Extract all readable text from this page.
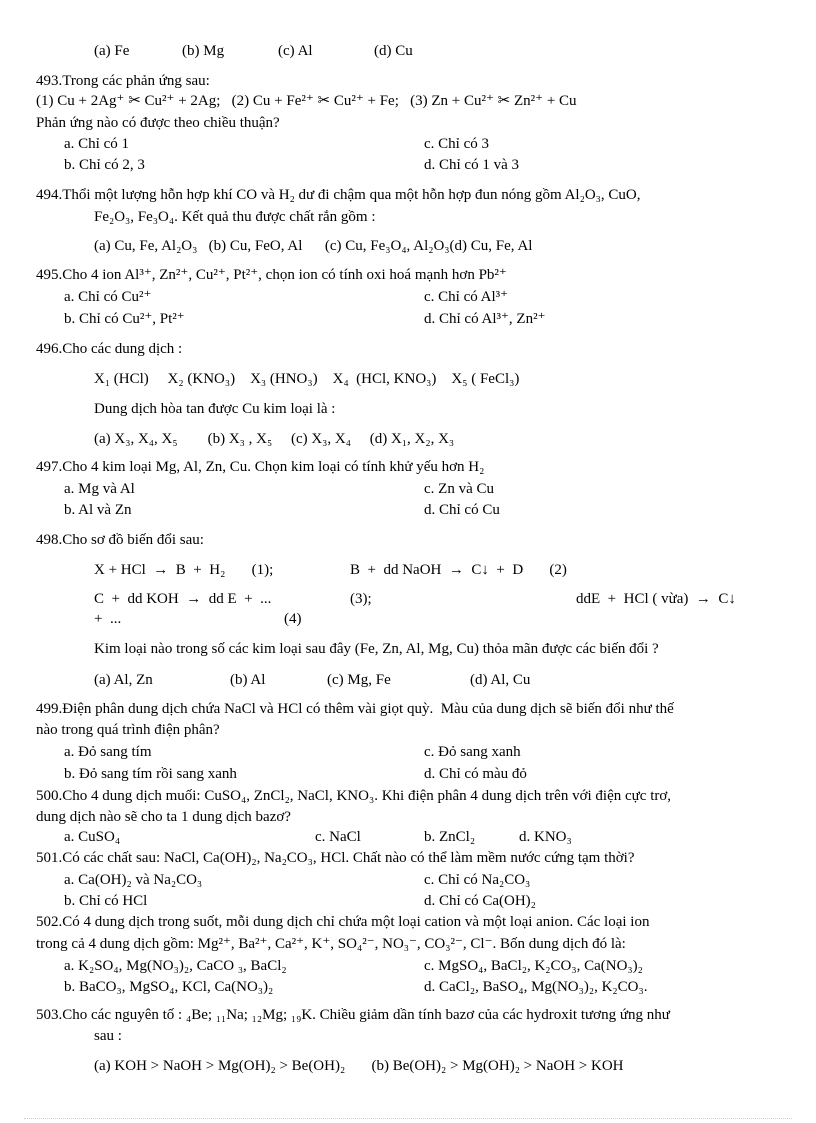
(a) Fe	(b) Mg	(c) Al	(d) Cu
493.Trong các phản ứng sau:
(1) Cu + 2Ag⁺ ✂ Cu²⁺ + 2Ag;   (2) Cu + Fe²⁺ ✂ Cu²⁺ + Fe;   (3) Zn + Cu²⁺ ✂ Zn²⁺ + Cu
Phản ứng nào có được theo chiều thuận?
a. Chỉ có 1	c. Chỉ có 3
b. Chỉ có 2, 3	d. Chỉ có 1 và 3
494.Thổi một lượng hỗn hợp khí CO và H₂ dư đi chậm qua một hỗn hợp đun nóng gồm Al₂O₃, CuO,
Fe₂O₃, Fe₃O₄. Kết quả thu được chất rắn gồm :
(a) Cu, Fe, Al₂O₃   (b) Cu, FeO, Al      (c) Cu, Fe₃O₄, Al₂O₃(d) Cu, Fe, Al
495.Cho 4 ion Al³⁺, Zn²⁺, Cu²⁺, Pt²⁺, chọn ion có tính oxi hoá mạnh hơn Pb²⁺
a. Chỉ có Cu²⁺	c. Chỉ có Al³⁺
b. Chỉ có Cu²⁺, Pt²⁺	d. Chỉ có Al³⁺, Zn²⁺
496.Cho các dung dịch :
X₁ (HCl)     X₂ (KNO₃)    X₃ (HNO₃)    X₄  (HCl, KNO₃)    X₅ ( FeCl₃)
Dung dịch hòa tan được Cu kim loại là :
(a) X₃, X₄, X₅        (b) X₃ , X₅     (c) X₃, X₄     (d) X₁, X₂, X₃
497.Cho 4 kim loại Mg, Al, Zn, Cu. Chọn kim loại có tính khử yếu hơn H₂
a. Mg và Al	c. Zn và Cu
b. Al và Zn	d. Chỉ có Cu
498.Cho sơ đồ biến đổi sau:
X + HCl  →  B  +  H₂       (1);	B  +  dd NaOH  →  C↓  +  D       (2)
C  +  dd KOH  →  dd E  +  ...	(3);	ddE  +  HCl ( vừa)  →  C↓
+  ...	(4)
Kim loại nào trong số các kim loại sau đây (Fe, Zn, Al, Mg, Cu) thỏa mãn được các biến đổi ?
(a) Al, Zn	(b) Al	(c) Mg, Fe	(d) Al, Cu
499.Điện phân dung dịch chứa NaCl và HCl có thêm vài giọt quỳ.  Màu của dung dịch sẽ biến đổi như thế
nào trong quá trình điện phân?
a. Đỏ sang tím	c. Đỏ sang xanh
b. Đỏ sang tím rồi sang xanh	d. Chỉ có màu đỏ
500.Cho 4 dung dịch muối: CuSO₄, ZnCl₂, NaCl, KNO₃. Khi điện phân 4 dung dịch trên với điện cực trơ,
dung dịch nào sẽ cho ta 1 dung dịch bazơ?
a. CuSO₄	c. NaCl	b. ZnCl₂	d. KNO₃
501.Có các chất sau: NaCl, Ca(OH)₂, Na₂CO₃, HCl. Chất nào có thể làm mềm nước cứng tạm thời?
a. Ca(OH)₂ và Na₂CO₃	c. Chỉ có Na₂CO₃
b. Chỉ có HCl	d. Chỉ có Ca(OH)₂
502.Có 4 dung dịch trong suốt, mỗi dung dịch chỉ chứa một loại cation và một loại anion. Các loại ion
trong cả 4 dung dịch gồm: Mg²⁺, Ba²⁺, Ca²⁺, K⁺, SO₄²⁻, NO₃⁻, CO₃²⁻, Cl⁻. Bốn dung dịch đó là:
a. K₂SO₄, Mg(NO₃)₂, CaCO ₃, BaCl₂	c. MgSO₄, BaCl₂, K₂CO₃, Ca(NO₃)₂
b. BaCO₃, MgSO₄, KCl, Ca(NO₃)₂	d. CaCl₂, BaSO₄, Mg(NO₃)₂, K₂CO₃.
503.Cho các nguyên tố : ₄Be; ₁₁Na; ₁₂Mg; ₁₉K. Chiều giảm dần tính bazơ của các hydroxit tương ứng như
sau :
(a) KOH > NaOH > Mg(OH)₂ > Be(OH)₂       (b) Be(OH)₂ > Mg(OH)₂ > NaOH > KOH
